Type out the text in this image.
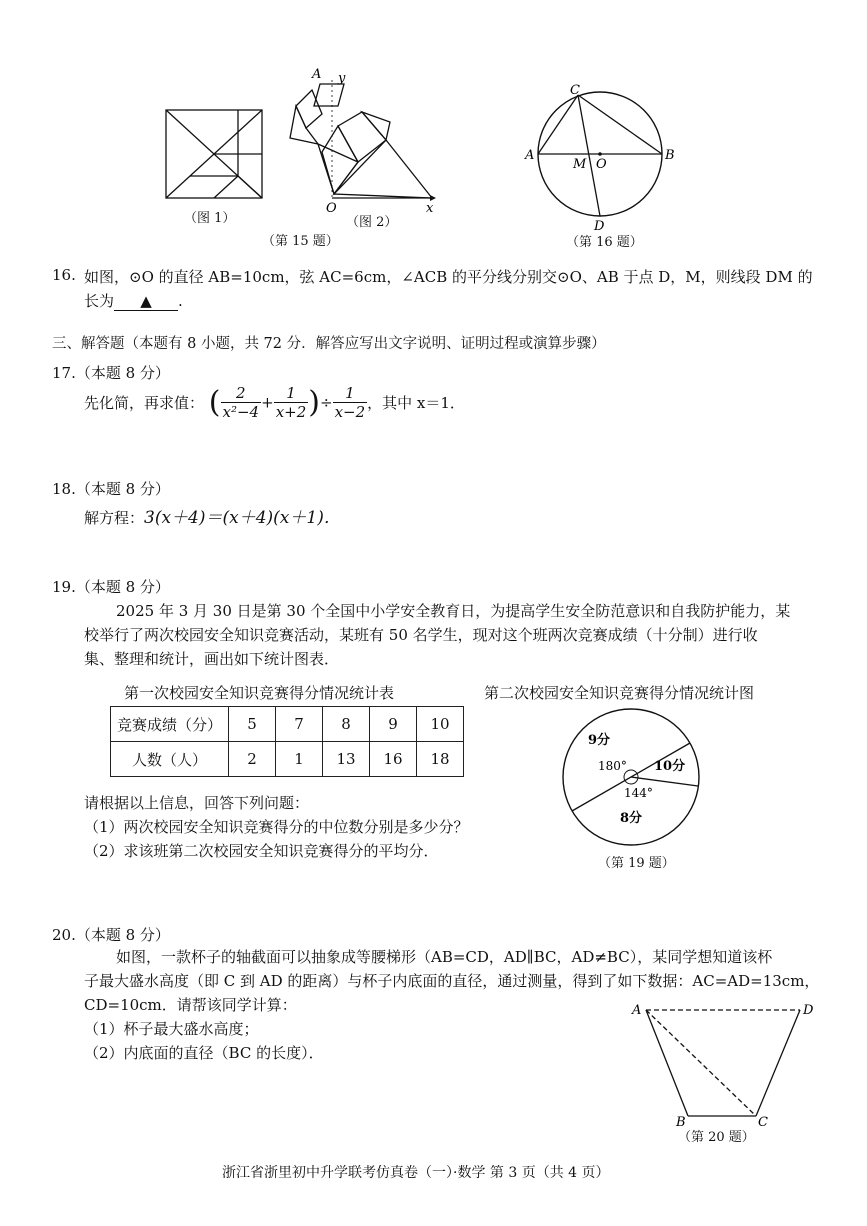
（图 1）
A y
O	x
（图 2）
（第 15 题）
C
A
M O
B
D
（第 16 题）
16. 如图，⊙O 的直径 AB=10cm，弦 AC=6cm，∠ACB 的平分线分别交⊙O、AB 于点 D，M，则线段 DM 的
长为 ▲ .
三、解答题（本题有 8 小题，共 72 分．解答应写出文字说明、证明过程或演算步骤）
17.（本题 8 分）
先化简，再求值： ( $\frac{2}{\text{x²−4}} + \frac{1}{x+2}$ )÷ $\frac{1}{x-2}$ ，其中 x＝1．
18.（本题 8 分）
解方程：3(x＋4)＝(x＋4)(x＋1)．
19.（本题 8 分）
2025 年 3 月 30 日是第 30 个全国中小学安全教育日，为提高学生安全防范意识和自我防护能力，某
校举行了两次校园安全知识竞赛活动，某班有 50 名学生，现对这个班两次竞赛成绩（十分制）进行收
集、整理和统计，画出如下统计图表．
第一次校园安全知识竞赛得分情况统计表
竞赛成绩（分）	5	7	8	9	10
人数（人）	2	1	13	16	18
第二次校园安全知识竞赛得分情况统计图
9分
10分
8分
180°
144°
（第 19 题）
请根据以上信息，回答下列问题：
（1）两次校园安全知识竞赛得分的中位数分别是多少分？
（2）求该班第二次校园安全知识竞赛得分的平均分．
20.（本题 8 分）
如图，一款杯子的轴截面可以抽象成等腰梯形（AB=CD，AD∥BC，AD≠BC），某同学想知道该杯
子最大盛水高度（即 C 到 AD 的距离）与杯子内底面的直径，通过测量，得到了如下数据：AC=AD=13cm，
CD=10cm．请帮该同学计算：
（1）杯子最大盛水高度；
（2）内底面的直径（BC 的长度）．
A	D
B	C
（第 20 题）
浙江省浙里初中升学联考仿真卷（一）·数学 第 3 页（共 4 页）
